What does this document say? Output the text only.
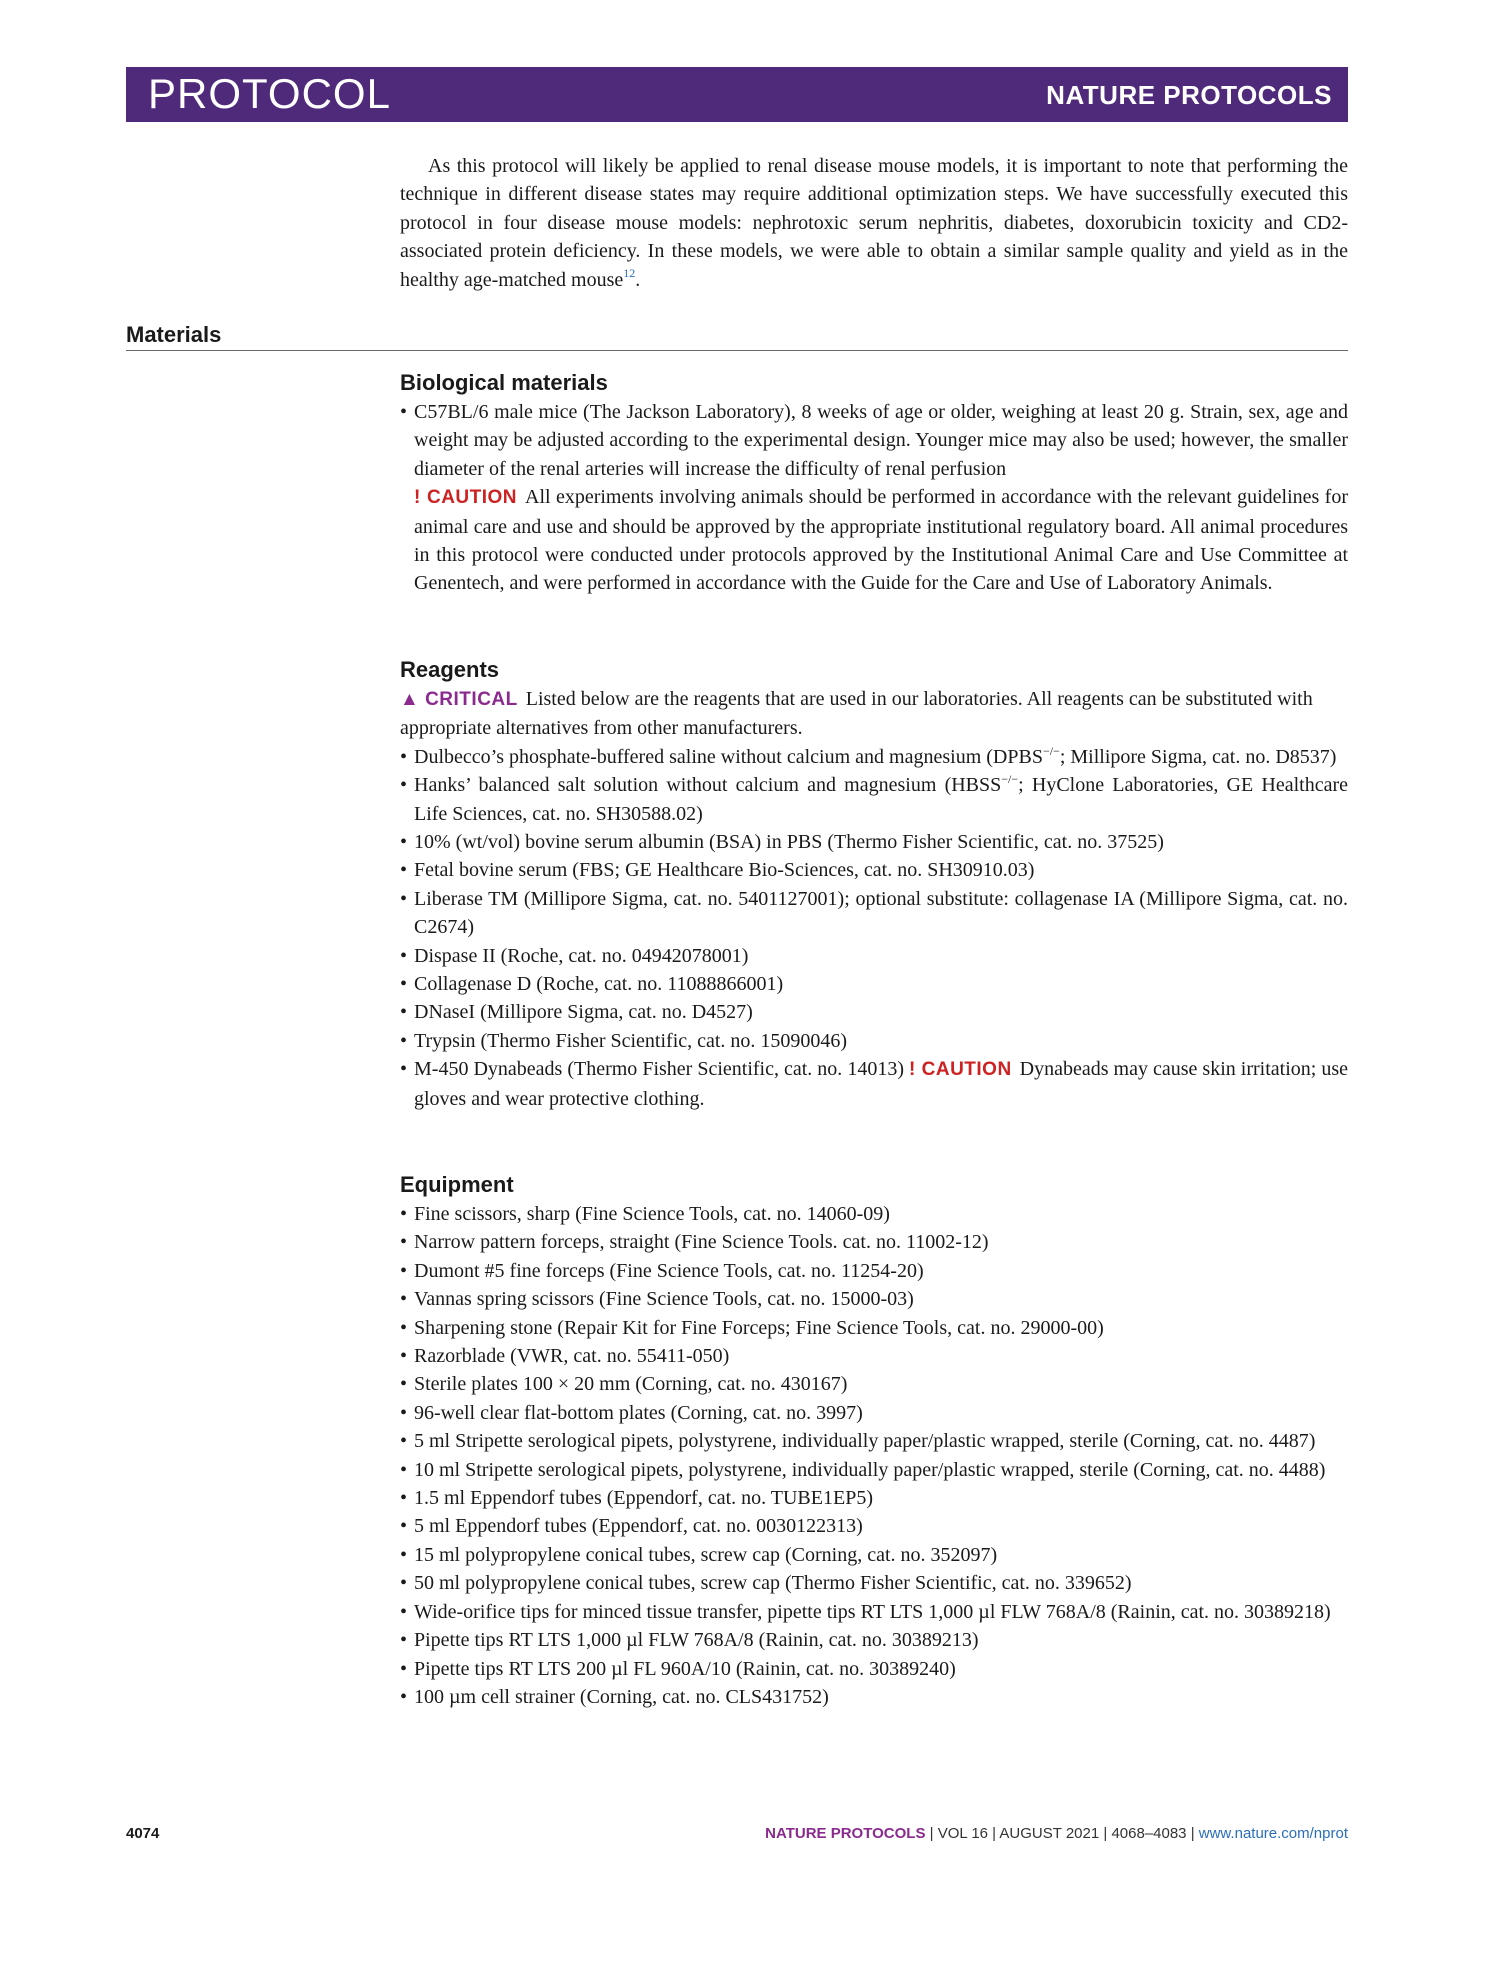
PROTOCOL	NATURE PROTOCOLS

As this protocol will likely be applied to renal disease mouse models, it is important to note that performing the technique in different disease states may require additional optimization steps. We have successfully executed this protocol in four disease mouse models: nephrotoxic serum nephritis, diabetes, doxorubicin toxicity and CD2-associated protein deficiency. In these models, we were able to obtain a similar sample quality and yield as in the healthy age-matched mouse$^{12}$.

Materials
Biological materials
• C57BL/6 male mice (The Jackson Laboratory), 8 weeks of age or older, weighing at least 20 g. Strain, sex, age and weight may be adjusted according to the experimental design. Younger mice may also be used; however, the smaller diameter of the renal arteries will increase the difficulty of renal perfusion
! CAUTION All experiments involving animals should be performed in accordance with the relevant guidelines for animal care and use and should be approved by the appropriate institutional regulatory board. All animal procedures in this protocol were conducted under protocols approved by the Institutional Animal Care and Use Committee at Genentech, and were performed in accordance with the Guide for the Care and Use of Laboratory Animals.
Reagents

▲ CRITICAL Listed below are the reagents that are used in our laboratories. All reagents can be substituted with appropriate alternatives from other manufacturers.

• Dulbecco’s phosphate-buffered saline without calcium and magnesium (DPBS−/−; Millipore Sigma, cat. no. D8537)
• Hanks’ balanced salt solution without calcium and magnesium (HBSS−/−; HyClone Laboratories, GE Healthcare Life Sciences, cat. no. SH30588.02)
• 10% (wt/vol) bovine serum albumin (BSA) in PBS (Thermo Fisher Scientific, cat. no. 37525)
• Fetal bovine serum (FBS; GE Healthcare Bio-Sciences, cat. no. SH30910.03)
• Liberase TM (Millipore Sigma, cat. no. 5401127001); optional substitute: collagenase IA (Millipore Sigma, cat. no. C2674)
• Dispase II (Roche, cat. no. 04942078001)
• Collagenase D (Roche, cat. no. 11088866001)
• DNaseI (Millipore Sigma, cat. no. D4527)
• Trypsin (Thermo Fisher Scientific, cat. no. 15090046)
• M-450 Dynabeads (Thermo Fisher Scientific, cat. no. 14013) ! CAUTION Dynabeads may cause skin irritation; use gloves and wear protective clothing.
Equipment
• Fine scissors, sharp (Fine Science Tools, cat. no. 14060-09)
• Narrow pattern forceps, straight (Fine Science Tools. cat. no. 11002-12)
• Dumont #5 fine forceps (Fine Science Tools, cat. no. 11254-20)
• Vannas spring scissors (Fine Science Tools, cat. no. 15000-03)
• Sharpening stone (Repair Kit for Fine Forceps; Fine Science Tools, cat. no. 29000-00)
• Razorblade (VWR, cat. no. 55411-050)
• Sterile plates 100 × 20 mm (Corning, cat. no. 430167)
• 96-well clear flat-bottom plates (Corning, cat. no. 3997)
• 5 ml Stripette serological pipets, polystyrene, individually paper/plastic wrapped, sterile (Corning, cat. no. 4487)
• 10 ml Stripette serological pipets, polystyrene, individually paper/plastic wrapped, sterile (Corning, cat. no. 4488)
• 1.5 ml Eppendorf tubes (Eppendorf, cat. no. TUBE1EP5)
• 5 ml Eppendorf tubes (Eppendorf, cat. no. 0030122313)
• 15 ml polypropylene conical tubes, screw cap (Corning, cat. no. 352097)
• 50 ml polypropylene conical tubes, screw cap (Thermo Fisher Scientific, cat. no. 339652)
• Wide-orifice tips for minced tissue transfer, pipette tips RT LTS 1,000 µl FLW 768A/8 (Rainin, cat. no. 30389218)
• Pipette tips RT LTS 1,000 µl FLW 768A/8 (Rainin, cat. no. 30389213)
• Pipette tips RT LTS 200 µl FL 960A/10 (Rainin, cat. no. 30389240)
• 100 µm cell strainer (Corning, cat. no. CLS431752)
4074	NATURE PROTOCOLS | VOL 16 | AUGUST 2021 | 4068–4083 | www.nature.com/nprot
